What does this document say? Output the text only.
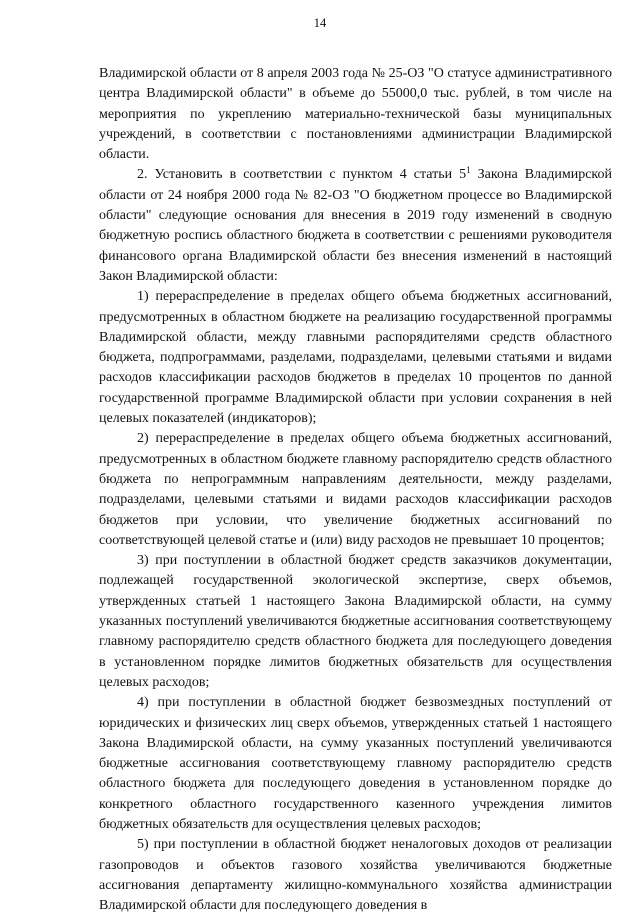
14

Владимирской области от 8 апреля 2003 года № 25-ОЗ "О статусе административного центра Владимирской области" в объеме до 55000,0 тыс. рублей, в том числе на мероприятия по укреплению материально-технической базы муниципальных учреждений, в соответствии с постановлениями администрации Владимирской области.

2. Установить в соответствии с пунктом 4 статьи $5^1$ Закона Владимирской области от 24 ноября 2000 года № 82-ОЗ "О бюджетном процессе во Владимирской области" следующие основания для внесения в 2019 году изменений в сводную бюджетную роспись областного бюджета в соответствии с решениями руководителя финансового органа Владимирской области без внесения изменений в настоящий Закон Владимирской области:

1) перераспределение в пределах общего объема бюджетных ассигнований, предусмотренных в областном бюджете на реализацию государственной программы Владимирской области, между главными распорядителями средств областного бюджета, подпрограммами, разделами, подразделами, целевыми статьями и видами расходов классификации расходов бюджетов в пределах 10 процентов по данной государственной программе Владимирской области при условии сохранения в ней целевых показателей (индикаторов);

2) перераспределение в пределах общего объема бюджетных ассигнований, предусмотренных в областном бюджете главному распорядителю средств областного бюджета по непрограммным направлениям деятельности, между разделами, подразделами, целевыми статьями и видами расходов классификации расходов бюджетов при условии, что увеличение бюджетных ассигнований по соответствующей целевой статье и (или) виду расходов не превышает 10 процентов;

3) при поступлении в областной бюджет средств заказчиков документации, подлежащей государственной экологической экспертизе, сверх объемов, утвержденных статьей 1 настоящего Закона Владимирской области, на сумму указанных поступлений увеличиваются бюджетные ассигнования соответствующему главному распорядителю средств областного бюджета для последующего доведения в установленном порядке лимитов бюджетных обязательств для осуществления целевых расходов;

4) при поступлении в областной бюджет безвозмездных поступлений от юридических и физических лиц сверх объемов, утвержденных статьей 1 настоящего Закона Владимирской области, на сумму указанных поступлений увеличиваются бюджетные ассигнования соответствующему главному распорядителю средств областного бюджета для последующего доведения в установленном порядке до конкретного областного государственного казенного учреждения лимитов бюджетных обязательств для осуществления целевых расходов;

5) при поступлении в областной бюджет неналоговых доходов от реализации газопроводов и объектов газового хозяйства увеличиваются бюджетные ассигнования департаменту жилищно-коммунального хозяйства администрации Владимирской области для последующего доведения в
